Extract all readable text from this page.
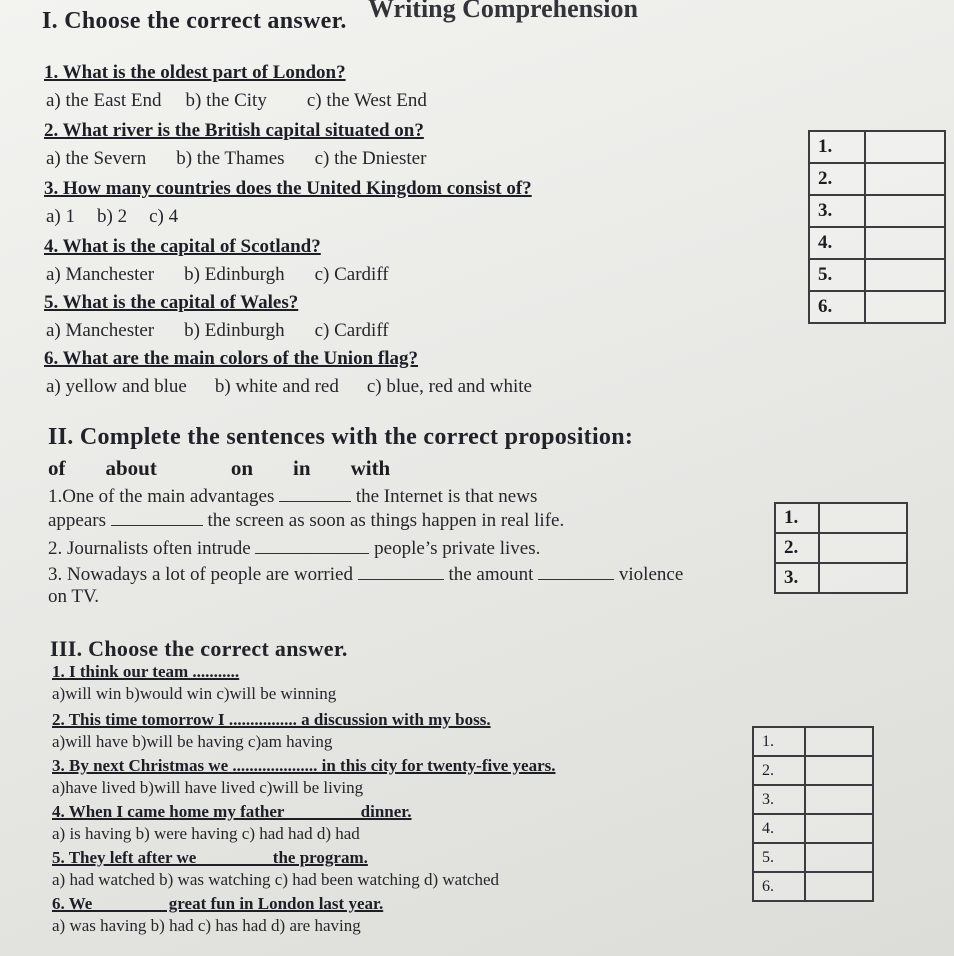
Writing Comprehension
I. Choose the correct answer.
1. What is the oldest part of London?
a) the East End b) the City c) the West End
2. What river is the British capital situated on?
a) the Severn b) the Thames c) the Dniester
3. How many countries does the United Kingdom consist of?
a) 1 b) 2 c) 4
4. What is the capital of Scotland?
a) Manchester b) Edinburgh c) Cardiff
5. What is the capital of Wales?
a) Manchester b) Edinburgh c) Cardiff
6. What are the main colors of the Union flag?
a) yellow and blue b) white and red c) blue, red and white
1.	
2.	
3.	
4.	
5.	
6.	
II. Complete the sentences with the correct proposition:
of about	on in with
1.One of the main advantages	the Internet is that news
appears	the screen as soon as things happen in real life.
2. Journalists often intrude	people’s private lives.
3. Nowadays a lot of people are worried	the amount	violence
on TV.
1.	
2.	
3.	
III. Choose the correct answer.
1. I think our team ...........
a)will win b)would win c)will be winning
2. This time tomorrow I ................ a discussion with my boss.
a)will have b)will be having c)am having
3. By next Christmas we .................... in this city for twenty-five years.
a)have lived b)will have lived c)will be living
4. When I came home my father ________ dinner.
a) is having b) were having c) had had d) had
5. They left after we ________ the program.
a) had watched b) was watching c) had been watching d) watched
6. We ________ great fun in London last year.
a) was having b) had c) has had d) are having
1.	
2.	
3.	
4.	
5.	
6.	
